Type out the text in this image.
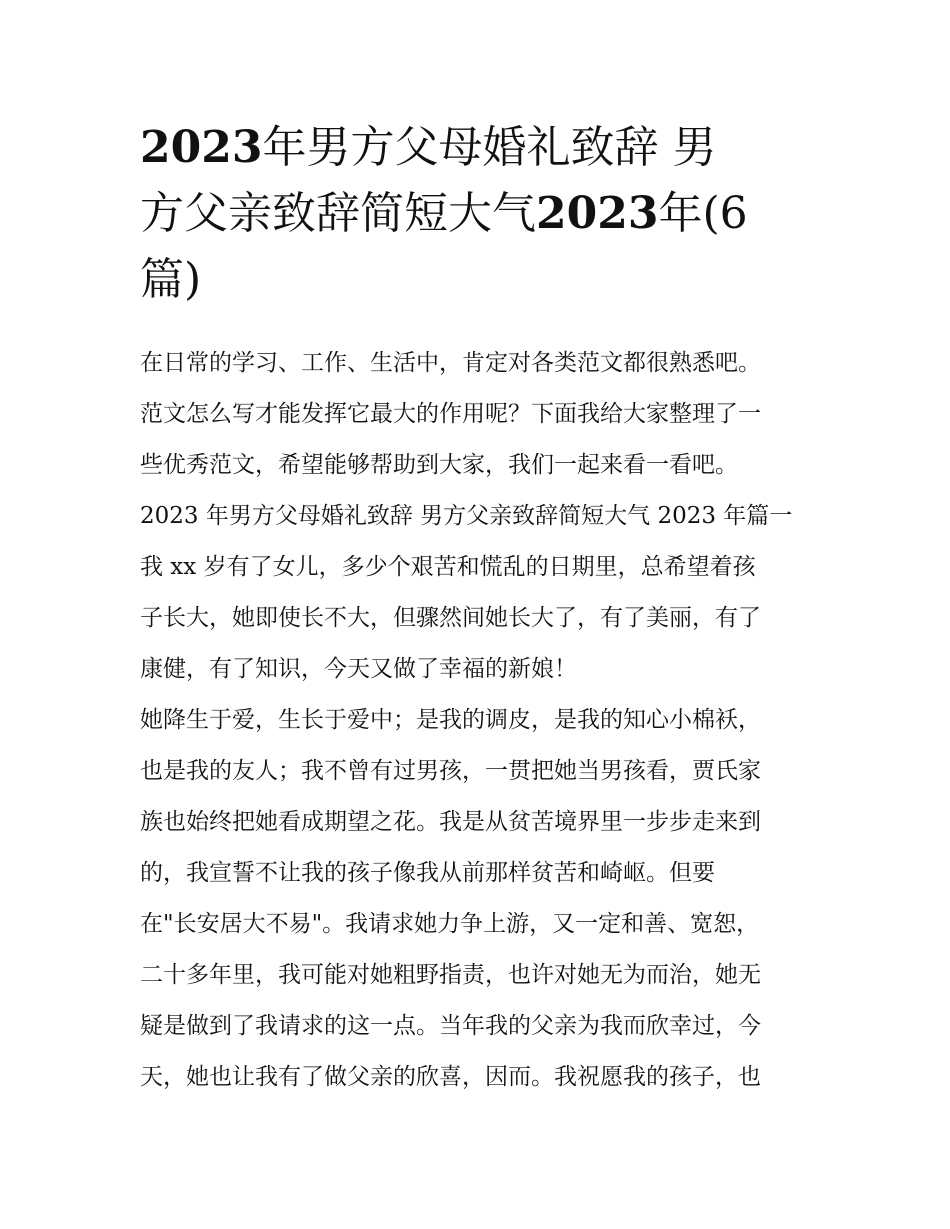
2023年男方父母婚礼致辞 男
方父亲致辞简短大气2023年(6
篇)
在日常的学习、工作、生活中，肯定对各类范文都很熟悉吧。
范文怎么写才能发挥它最大的作用呢？下面我给大家整理了一
些优秀范文，希望能够帮助到大家，我们一起来看一看吧。
2023 年男方父母婚礼致辞 男方父亲致辞简短大气 2023 年篇一
我 xx 岁有了女儿，多少个艰苦和慌乱的日期里，总希望着孩
子长大，她即使长不大，但骤然间她长大了，有了美丽，有了
康健，有了知识，今天又做了幸福的新娘！
她降生于爱，生长于爱中；是我的调皮，是我的知心小棉袄，
也是我的友人；我不曾有过男孩，一贯把她当男孩看，贾氏家
族也始终把她看成期望之花。我是从贫苦境界里一步步走来到
的，我宣誓不让我的孩子像我从前那样贫苦和崎岖。但要
在"长安居大不易"。我请求她力争上游，又一定和善、宽恕，
二十多年里，我可能对她粗野指责，也许对她无为而治，她无
疑是做到了我请求的这一点。当年我的父亲为我而欣幸过，今
天，她也让我有了做父亲的欣喜，因而。我祝愿我的孩子，也
